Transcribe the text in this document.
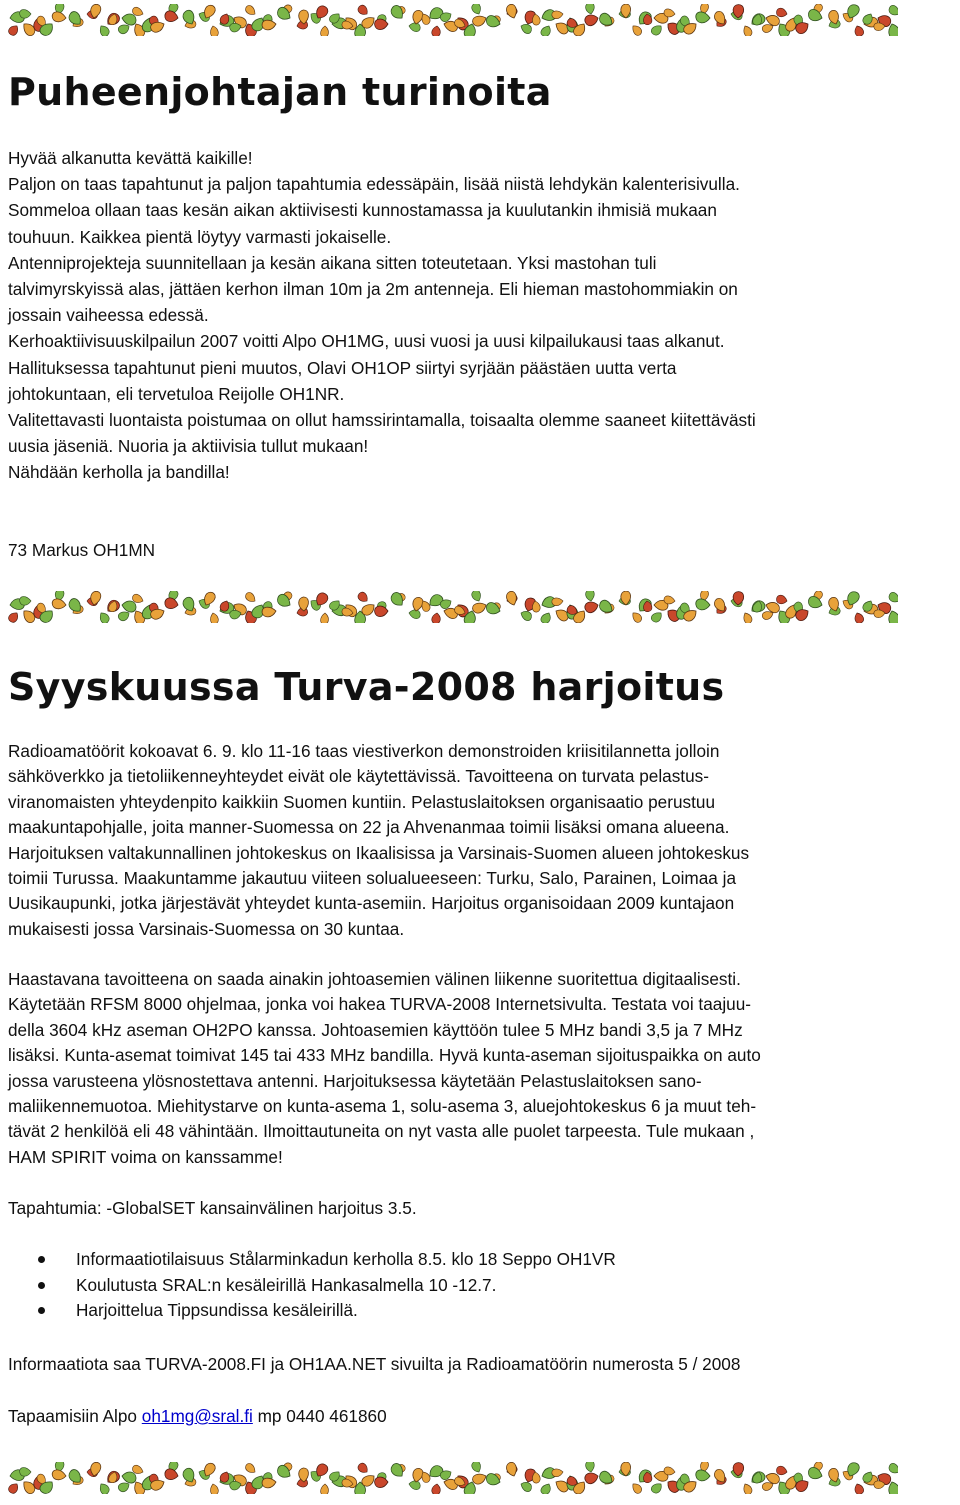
Puheenjohtajan turinoita
Hyvää alkanutta kevättä kaikille!
Paljon on taas tapahtunut ja paljon tapahtumia edessäpäin, lisää niistä lehdykän kalenterisivulla.
Sommeloa ollaan taas kesän aikan aktiivisesti kunnostamassa ja kuulutankin ihmisiä mukaan
touhuun. Kaikkea pientä löytyy varmasti jokaiselle.
Antenniprojekteja suunnitellaan ja kesän aikana sitten toteutetaan. Yksi mastohan tuli
talvimyrskyissä alas, jättäen kerhon ilman 10m ja 2m antenneja. Eli hieman mastohommiakin on
jossain vaiheessa edessä.
Kerhoaktiivisuuskilpailun 2007 voitti Alpo OH1MG, uusi vuosi ja uusi kilpailukausi taas alkanut.
Hallituksessa tapahtunut pieni muutos, Olavi OH1OP siirtyi syrjään päästäen uutta verta
johtokuntaan, eli tervetuloa Reijolle OH1NR.
Valitettavasti luontaista poistumaa on ollut hamssirintamalla, toisaalta olemme saaneet kiitettävästi
uusia jäseniä. Nuoria ja aktiivisia tullut mukaan!
Nähdään kerholla ja bandilla!
73 Markus OH1MN
Syyskuussa Turva-2008 harjoitus
Radioamatöörit kokoavat 6. 9. klo 11-16 taas viestiverkon demonstroiden kriisitilannetta jolloin
sähköverkko ja tietoliikenneyhteydet eivät ole käytettävissä. Tavoitteena on turvata pelastus-
viranomaisten yhteydenpito kaikkiin Suomen kuntiin. Pelastuslaitoksen organisaatio perustuu
maakuntapohjalle, joita manner-Suomessa on 22 ja Ahvenanmaa toimii lisäksi omana alueena.
Harjoituksen valtakunnallinen johtokeskus on Ikaalisissa ja Varsinais-Suomen alueen johtokeskus
toimii Turussa. Maakuntamme jakautuu viiteen solualueeseen: Turku, Salo, Parainen, Loimaa ja
Uusikaupunki, jotka järjestävät yhteydet kunta-asemiin. Harjoitus organisoidaan 2009 kuntajaon
mukaisesti jossa Varsinais-Suomessa on 30 kuntaa.
Haastavana tavoitteena on saada ainakin johtoasemien välinen liikenne suoritettua digitaalisesti.
Käytetään RFSM 8000 ohjelmaa, jonka voi hakea TURVA-2008 Internetsivulta. Testata voi taajuu-
della 3604 kHz aseman OH2PO kanssa. Johtoasemien käyttöön tulee 5 MHz bandi 3,5 ja 7 MHz
lisäksi. Kunta-asemat toimivat 145 tai 433 MHz bandilla. Hyvä kunta-aseman sijoituspaikka on auto
jossa varusteena ylösnostettava antenni. Harjoituksessa käytetään Pelastuslaitoksen sano-
maliikennemuotoa. Miehitystarve on kunta-asema 1, solu-asema 3, aluejohtokeskus 6 ja muut teh-
tävät 2 henkilöä eli 48 vähintään. Ilmoittautuneita on nyt vasta alle puolet tarpeesta. Tule mukaan ,
HAM SPIRIT voima on kanssamme!
Tapahtumia: -GlobalSET kansainvälinen harjoitus 3.5.
Informaatiotilaisuus Stålarminkadun kerholla 8.5. klo 18 Seppo OH1VR
Koulutusta SRAL:n kesäleirillä Hankasalmella 10 -12.7.
Harjoittelua Tippsundissa kesäleirillä.
Informaatiota saa TURVA-2008.FI ja OH1AA.NET sivuilta ja Radioamatöörin numerosta 5 / 2008
Tapaamisiin Alpo oh1mg@sral.fi mp 0440 461860
